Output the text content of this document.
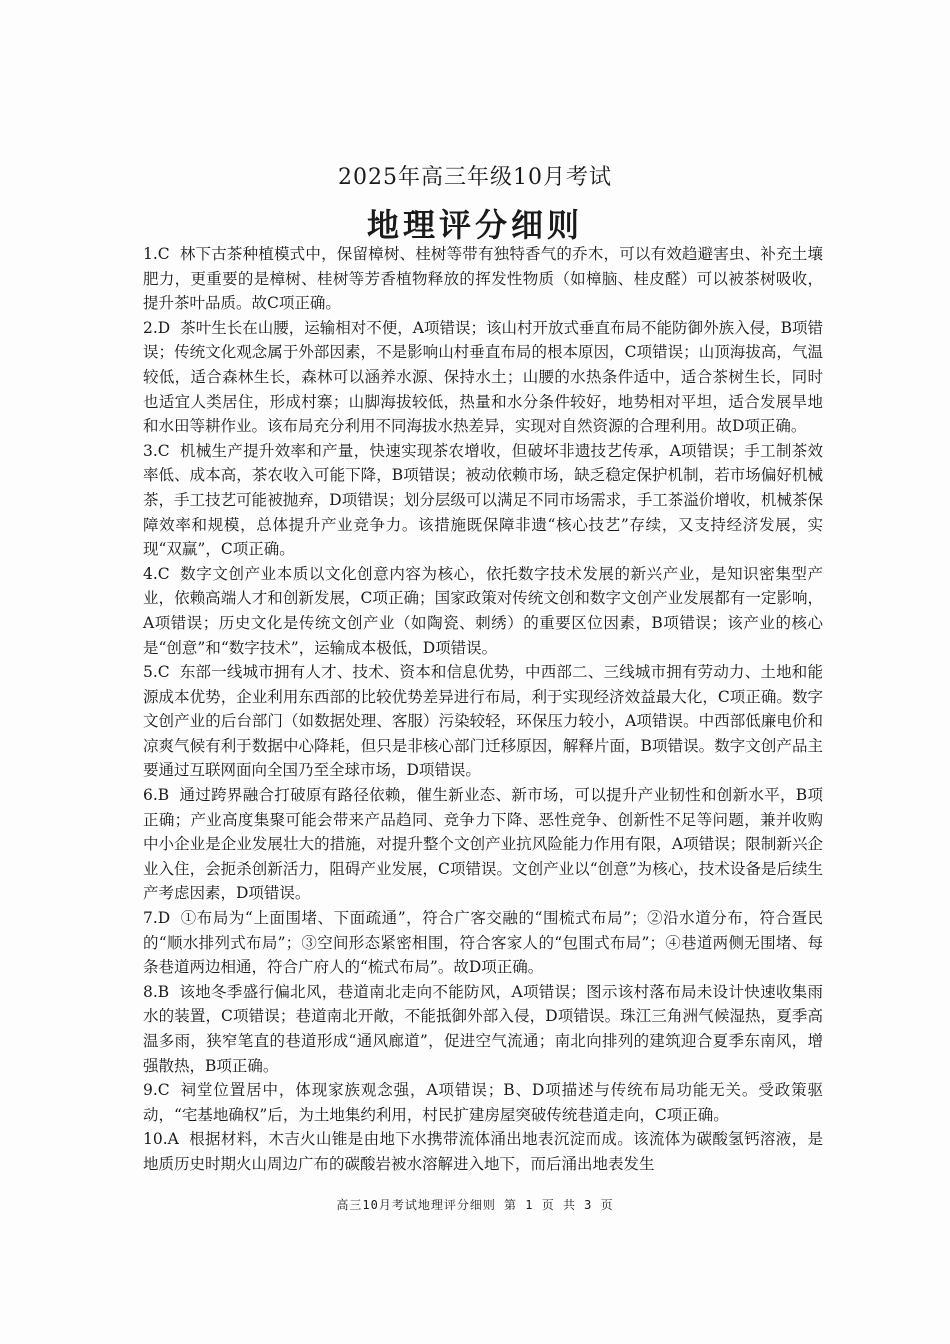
2025年高三年级10月考试
地理评分细则

1.C 林下古茶种植模式中，保留樟树、桂树等带有独特香气的乔木，可以有效趋避害虫、补充土壤肥力，更重要的是樟树、桂树等芳香植物释放的挥发性物质（如樟脑、桂皮醛）可以被茶树吸收，提升茶叶品质。故C项正确。

2.D 茶叶生长在山腰，运输相对不便，A项错误；该山村开放式垂直布局不能防御外族入侵，B项错误；传统文化观念属于外部因素，不是影响山村垂直布局的根本原因，C项错误；山顶海拔高，气温较低，适合森林生长，森林可以涵养水源、保持水土；山腰的水热条件适中，适合茶树生长，同时也适宜人类居住，形成村寨；山脚海拔较低，热量和水分条件较好，地势相对平坦，适合发展旱地和水田等耕作业。该布局充分利用不同海拔水热差异，实现对自然资源的合理利用。故D项正确。

3.C 机械生产提升效率和产量，快速实现茶农增收，但破坏非遗技艺传承，A项错误；手工制茶效率低、成本高，茶农收入可能下降，B项错误；被动依赖市场，缺乏稳定保护机制，若市场偏好机械茶，手工技艺可能被抛弃，D项错误；划分层级可以满足不同市场需求，手工茶溢价增收，机械茶保障效率和规模，总体提升产业竞争力。该措施既保障非遗“核心技艺”存续，又支持经济发展，实现“双赢”，C项正确。

4.C 数字文创产业本质以文化创意内容为核心，依托数字技术发展的新兴产业，是知识密集型产业，依赖高端人才和创新发展，C项正确；国家政策对传统文创和数字文创产业发展都有一定影响，A项错误；历史文化是传统文创产业（如陶瓷、刺绣）的重要区位因素，B项错误；该产业的核心是“创意”和“数字技术”，运输成本极低，D项错误。

5.C 东部一线城市拥有人才、技术、资本和信息优势，中西部二、三线城市拥有劳动力、土地和能源成本优势，企业利用东西部的比较优势差异进行布局，利于实现经济效益最大化，C项正确。数字文创产业的后台部门（如数据处理、客服）污染较轻，环保压力较小，A项错误。中西部低廉电价和凉爽气候有利于数据中心降耗，但只是非核心部门迁移原因，解释片面，B项错误。数字文创产品主要通过互联网面向全国乃至全球市场，D项错误。

6.B 通过跨界融合打破原有路径依赖，催生新业态、新市场，可以提升产业韧性和创新水平，B项正确；产业高度集聚可能会带来产品趋同、竞争力下降、恶性竞争、创新性不足等问题，兼并收购中小企业是企业发展壮大的措施，对提升整个文创产业抗风险能力作用有限，A项错误；限制新兴企业入住，会扼杀创新活力，阻碍产业发展，C项错误。文创产业以“创意”为核心，技术设备是后续生产考虑因素，D项错误。

7.D ①布局为“上面围堵、下面疏通”，符合广客交融的“围梳式布局”；②沿水道分布，符合疍民的“顺水排列式布局”；③空间形态紧密相围，符合客家人的“包围式布局”；④巷道两侧无围堵、每条巷道两边相通，符合广府人的“梳式布局”。故D项正确。

8.B 该地冬季盛行偏北风，巷道南北走向不能防风，A项错误；图示该村落布局未设计快速收集雨水的装置，C项错误；巷道南北开敞，不能抵御外部入侵，D项错误。珠江三角洲气候湿热，夏季高温多雨，狭窄笔直的巷道形成“通风廊道”，促进空气流通；南北向排列的建筑迎合夏季东南风，增强散热，B项正确。

9.C 祠堂位置居中，体现家族观念强，A项错误；B、D项描述与传统布局功能无关。受政策驱动，“宅基地确权”后，为土地集约利用，村民扩建房屋突破传统巷道走向，C项正确。

10.A 根据材料，木吉火山锥是由地下水携带流体涌出地表沉淀而成。该流体为碳酸氢钙溶液，是地质历史时期火山周边广布的碳酸岩被水溶解进入地下，而后涌出地表发生

高三10月考试地理评分细则 第 1 页 共 3 页
